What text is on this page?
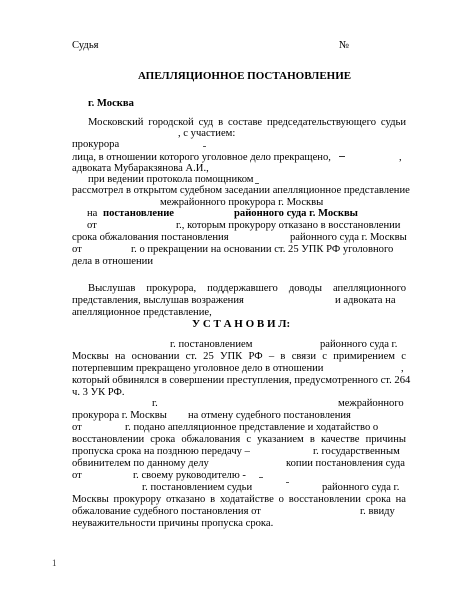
Судья	№
АПЕЛЛЯЦИОННОЕ ПОСТАНОВЛЕНИЕ
г. Москва
Московский городской суд в составе председательствующего судьи
, с участием:
прокурора
лица, в отношении которого уголовное дело прекращено,	,
адвоката Мубаракзянова А.И.,
при ведении протокола помощником
рассмотрел в открытом судебном заседании апелляционное представление
межрайонного прокурора г. Москвы
на постановление	районного суда г. Москвы
от	г., которым прокурору отказано в восстановлении
срока обжалования постановления	районного суда г. Москвы
от	г. о прекращении на основании ст. 25 УПК РФ уголовного
дела в отношении
Выслушав прокурора, поддержавшего доводы апелляционного
представления, выслушав возражения	и адвоката на
апелляционное представление,
У С Т А Н О В И Л:
г. постановлением	районного суда г.
Москвы на основании ст. 25 УПК РФ – в связи с примирением с
потерпевшим прекращено уголовное дело в отношении	,
который обвинялся в совершении преступления, предусмотренного ст. 264
ч. 3 УК РФ.
г.	межрайонного
прокурора г. Москвы на отмену судебного постановления
от	г. подано апелляционное представление и ходатайство о
восстановлении срока обжалования с указанием в качестве причины
пропуска срока на позднюю передачу –	г. государственным
обвинителем по данному делу	копии постановления суда
от	г. своему руководителю -
г. постановлением судьи	районного суда г.
Москвы прокурору отказано в ходатайстве о восстановлении срока на
обжалование судебного постановления от	г. ввиду
неуважительности причины пропуска срока.
1
